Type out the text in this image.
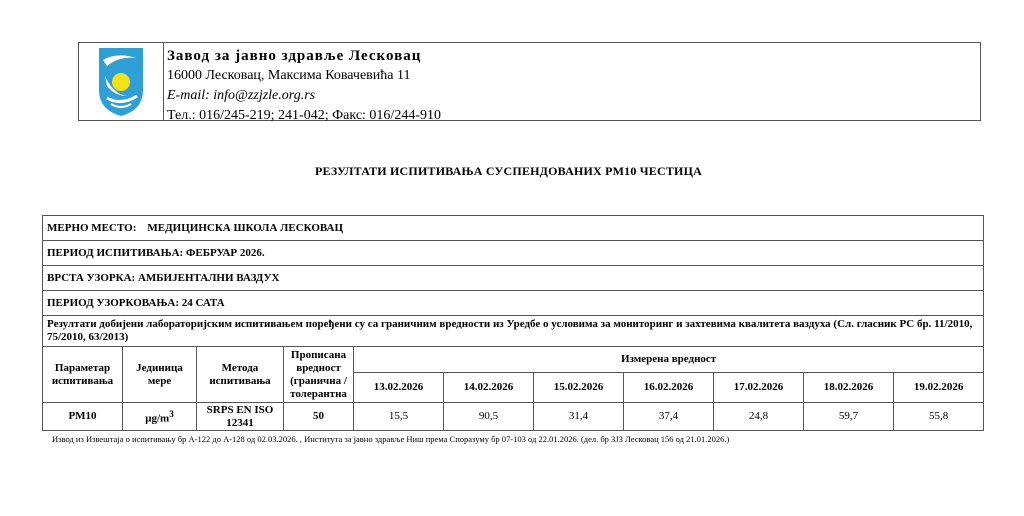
Завод за јавно здравље Лесковац
16000 Лесковац, Максима Ковачевића 11
E-mail: info@zzjzle.org.rs
Тел.: 016/245-219; 241-042; Факс: 016/244-910
РЕЗУЛТАТИ ИСПИТИВАЊА СУСПЕНДОВАНИХ PM10 ЧЕСТИЦА
МЕРНО МЕСТО: МЕДИЦИНСКА ШКОЛА ЛЕСКОВАЦ										
ПЕРИОД ИСПИТИВАЊА: ФЕБРУАР 2026.										
ВРСТА УЗОРКА: АМБИЈЕНТАЛНИ ВАЗДУХ										
ПЕРИОД УЗОРКОВАЊА: 24 САТА										
Резултати добијени лабораторијским испитивањем поређени су са граничним вредности из Уредбе о условима за мониторинг и захтевима квалитета ваздуха (Сл. гласник РС бр. 11/2010, 75/2010, 63/2013)										
Параметар испитивања	Јединица мере	Метода испитивања	Прописана вредност (гранична /толерантна	Измерена вредност						
				13.02.2026	14.02.2026	15.02.2026	16.02.2026	17.02.2026	18.02.2026	19.02.2026
PM10	$\mu g/m^3$	SRPS EN ISO 12341	50	15,5	90,5	31,4	37,4	24,8	59,7	55,8
Извод из Извештаја о испитивању бр А-122 до А-128 од 02.03.2026. , Института за јавно здравље Ниш према Споразуму бр 07-103 од 22.01.2026. (дел. бр ЗЈЗ Лесковац 156 од 21.01.2026.)
